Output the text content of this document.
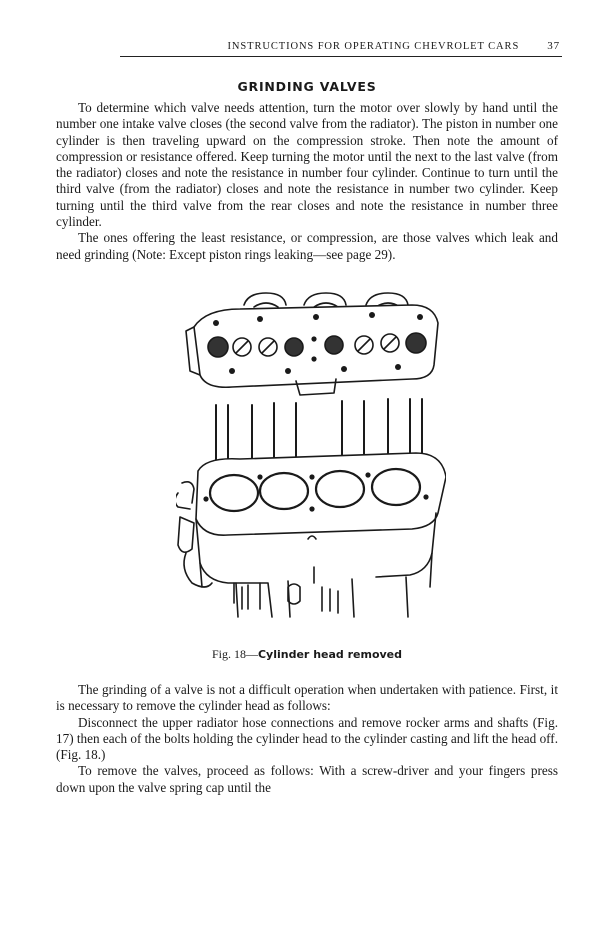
INSTRUCTIONS FOR OPERATING CHEVROLET CARS	37
GRINDING VALVES

To determine which valve needs attention, turn the motor over slowly by hand until the number one intake valve closes (the second valve from the radiator). The piston in number one cylinder is then traveling upward on the compression stroke. Then note the amount of compression or resistance offered. Keep turning the motor until the next to the last valve (from the radiator) closes and note the resistance in number four cylinder. Continue to turn until the third valve (from the radiator) closes and note the resistance in number two cylinder. Keep turning until the third valve from the rear closes and note the resistance in number three cylinder.

The ones offering the least resistance, or compression, are those valves which leak and need grinding (Note: Except piston rings leaking—see page 29).

Fig. 18—Cylinder head removed

The grinding of a valve is not a difficult operation when undertaken with patience. First, it is necessary to remove the cylinder head as follows:

Disconnect the upper radiator hose connections and remove rocker arms and shafts (Fig. 17) then each of the bolts holding the cylinder head to the cylinder casting and lift the head off. (Fig. 18.)

To remove the valves, proceed as follows: With a screw-driver and your fingers press down upon the valve spring cap until the
